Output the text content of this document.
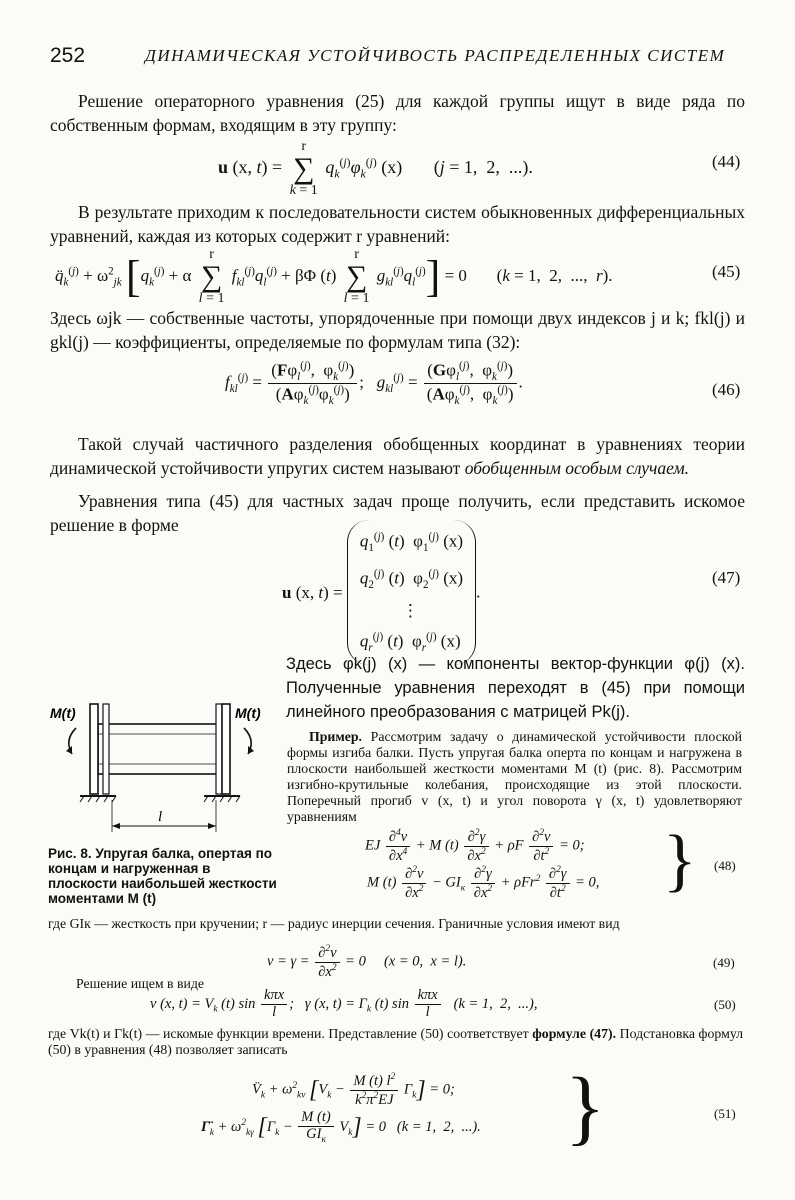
252	ДИНАМИЧЕСКАЯ УСТОЙЧИВОСТЬ РАСПРЕДЕЛЕННЫХ СИСТЕМ
Решение операторного уравнения (25) для каждой группы ищут в виде ряда по собственным формам, входящим в эту группу:
u (x, t) = r
∑
k = 1 $q_k^{(j)}\varphi_k^{(j)}$ (x)       (j = 1,  2,  ...).	(44)
В результате приходим к последовательности систем обыкновенных дифференциальных уравнений, каждая из которых содержит r уравнений:
$q̈_k^{(j)} + \omega^2_{jk}$ [$q_k^{(j)} + \alpha$ r
∑
l = 1 $f_{kl}^{(j)}q_l^{(j)} + \beta\Phi$ (t) r
∑
l = 1 $g_{kl}^{(j)}q_l^{(j)}] = 0$       (k = 1,  2,  ...,  r).	(45)
Здесь ωjk — собственные частоты, упорядоченные при помощи двух индексов j и k; fkl(j) и gkl(j) — коэффициенты, определяемые по формулам типа (32):
$f_{kl}^{(j)} = \frac{(F\varphi_l^{(j)}, \varphi_k^{(j)})}{(A\varphi_k^{(j)}\varphi_k^{(j)})}$ ;   $g_{kl}^{(j)} = \frac{(G\varphi_l^{(j)}, \varphi_k^{(j)})}{(A\varphi_k^{(j)}, \varphi_k^{(j)})}$ .	(46)
Такой случай частичного разделения обобщенных координат в уравнениях теории динамической устойчивости упругих систем называют обобщенным особым случаем.
Уравнения типа (45) для частных задач проще получить, если представить искомое решение в форме
u (x, $t) = q_1^{(j)}$ (t)  $\varphi_1^{(j)}$ (x)
$q_2^{(j)}$ (t)  $\varphi_2^{(j)}$ (x)
⋮
$q_r^{(j)}$ (t)  $\varphi_r^{(j)}$ (x).
(47)
Здесь φk(j) (x) — компоненты вектор-функции φ(j) (x). Полученные уравнения переходят в (45) при помощи линейного преобразования с матрицей Pk(j).
M(t)	M(t)
l
Рис. 8. Упругая балка, опертая по концам и нагруженная в плоскости наибольшей жесткости моментами M (t)
Пример. Рассмотрим задачу о динамической устойчивости плоской формы изгиба балки. Пусть упругая балка оперта по концам и нагружена в плоскости наибольшей жесткости моментами M (t) (рис. 8). Рассмотрим изгибно-крутильные колебания, происходящие из этой плоскости. Поперечный прогиб v (x, t) и угол поворота γ (x, t) удовлетворяют уравнениям
EJ $\frac{\partial^4v}{\partial x^4} + M$ $(t) \frac{\partial^2\gamma}{\partial x^2} + \rho F \frac{\partial^2v}{\partial t^2} = 0$;
M $(t) \frac{\partial^2v}{\partial x^2} - GI_к \frac{\partial^2\gamma}{\partial x^2} + \rho Fr^2 \frac{\partial^2\gamma}{\partial t^2} = 0$, } (48)
где GIк — жесткость при кручении; r — радиус инерции сечения. Граничные условия имеют вид
$v = \gamma = \frac{\partial^2v}{\partial x^2} = 0$     (x = 0,  x = l).	(49)
Решение ищем в виде
v (x, $t) = V_k$ (t) $\sin \frac{\text{kπx}}{l}$ ;   γ (x, $t) = \Gamma_k$ (t) $\sin \frac{\text{kπx}}{l} (k = 1$,  2,  ...),	(50)
где Vk(t) и Γk(t) — искомые функции времени. Представление (50) соответствует формуле (47). Подстановка формул (50) в уравнения (48) позволяет записать
$V̈_k + \omega^2_{kv}$ $[V_k - \frac{M (t) l^2}{k^2\pi^2EJ} \Gamma_k] = 0$;
$\Gammä_k + \omega^2_{k\gamma}$ $[\Gamma_k - \frac{M (t)}{GI_к} V_k] = 0$   (k = 1,  2,  ...). }	(51)
